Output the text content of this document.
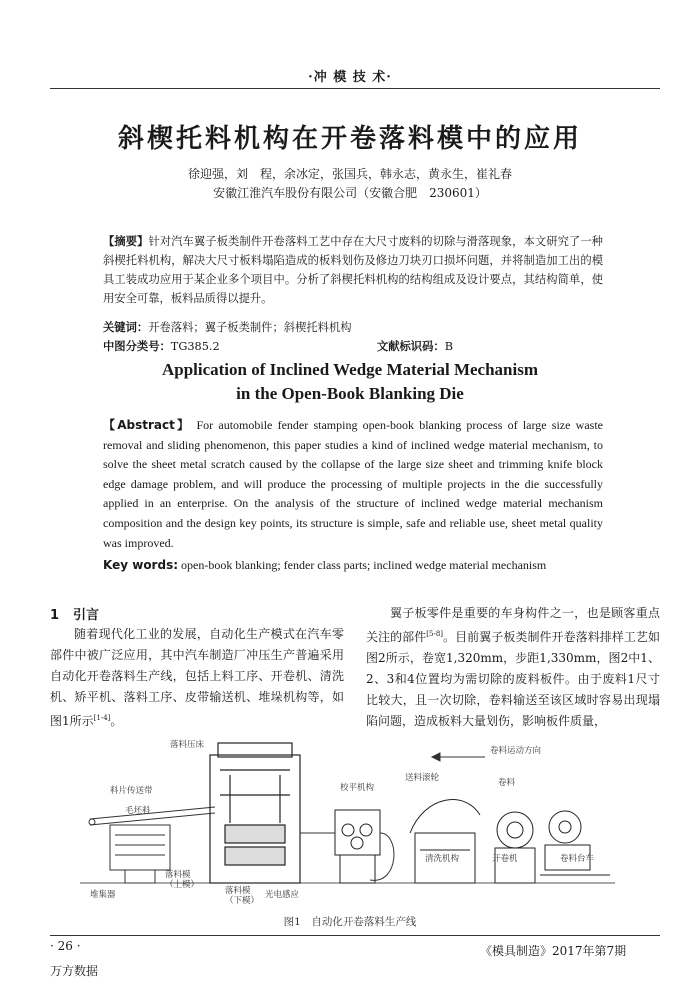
·冲 模 技 术·
斜楔托料机构在开卷落料模中的应用
徐迎强，刘　程，余冰定，张国兵，韩永志，黄永生，崔礼春
安徽江淮汽车股份有限公司（安徽合肥　230601）
【摘要】针对汽车翼子板类制件开卷落料工艺中存在大尺寸废料的切除与滑落现象，本文研究了一种斜楔托料机构，解决大尺寸板料塌陷造成的板料划伤及修边刀块刃口损坏问题，并将制造加工出的模具工装成功应用于某企业多个项目中。分析了斜楔托料机构的结构组成及设计要点，其结构简单，使用安全可靠，板料品质得以提升。
关键词：开卷落料；翼子板类制件；斜楔托料机构
中图分类号：TG385.2	文献标识码：B
Application of Inclined Wedge Material Mechanism
in the Open-Book Blanking Die
【Abstract】 For automobile fender stamping open-book blanking process of large size waste removal and sliding phenomenon, this paper studies a kind of inclined wedge material mechanism, to solve the sheet metal scratch caused by the collapse of the large size sheet and trimming knife block edge damage problem, and will produce the processing of multiple projects in the die successfully applied in an enterprise. On the analysis of the structure of inclined wedge material mechanism composition and the design key points, its structure is simple, safe and reliable use, sheet metal quality was improved.
Key words: open-book blanking; fender class parts; inclined wedge material mechanism
1 引言
随着现代化工业的发展，自动化生产模式在汽车零部件中被广泛应用，其中汽车制造厂冲压生产普遍采用自动化开卷落料生产线，包括上料工序、开卷机、清洗机、矫平机、落料工序、皮带输送机、堆垛机构等，如图1所示[1-4]。
翼子板零件是重要的车身构件之一，也是顾客重点关注的部件[5-8]。目前翼子板类制件开卷落料排样工艺如图2所示，卷宽1,320mm，步距1,330mm，图2中1、2、3和4位置均为需切除的废料板件。由于废料1尺寸比较大，且一次切除，卷料输送至该区域时容易出现塌陷问题，造成板料大量划伤，影响板件质量，
落料压床
卷料运动方向
料片传送带	校平机构
送料滚轮	卷料
毛坯料
清洗机构	开卷机	卷料台车
堆集器
落料模（上模）
落料模（下模）
光电感应
图1　自动化开卷落料生产线
· 26 ·	《模具制造》2017年第7期
万方数据
